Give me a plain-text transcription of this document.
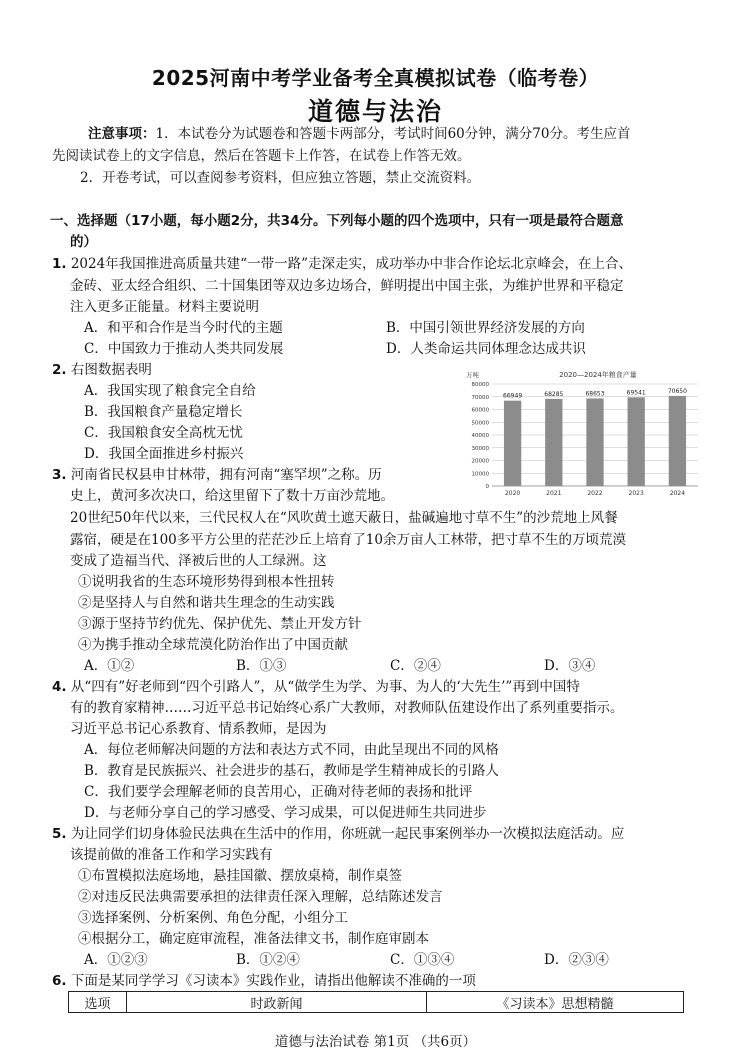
2025河南中考学业备考全真模拟试卷（临考卷）
道德与法治
注意事项：1．本试卷分为试题卷和答题卡两部分，考试时间60分钟，满分70分。考生应首
先阅读试卷上的文字信息，然后在答题卡上作答，在试卷上作答无效。
2．开卷考试，可以查阅参考资料，但应独立答题，禁止交流资料。
一、选择题（17小题，每小题2分，共34分。下列每小题的四个选项中，只有一项是最符合题意
的）
1. 2024年我国推进高质量共建“一带一路”走深走实，成功举办中非合作论坛北京峰会，在上合、
金砖、亚太经合组织、二十国集团等双边多边场合，鲜明提出中国主张，为维护世界和平稳定
注入更多正能量。材料主要说明
A．和平和合作是当今时代的主题	B．中国引领世界经济发展的方向
C．中国致力于推动人类共同发展	D．人类命运共同体理念达成共识
2. 右图数据表明
A．我国实现了粮食完全自给
B．我国粮食产量稳定增长
C．我国粮食安全高枕无忧
D．我国全面推进乡村振兴
万吨	2020—2024年粮食产量
80000
70000
60000
50000
40000
30000
20000
10000
0
66949
2020
68285
2021
68653
2022
69541
2023
70650
2024
3. 河南省民权县申甘林带，拥有河南“塞罕坝”之称。历
史上，黄河多次决口，给这里留下了数十万亩沙荒地。
20世纪50年代以来，三代民权人在“风吹黄土遮天蔽日，盐碱遍地寸草不生”的沙荒地上风餐
露宿，硬是在100多平方公里的茫茫沙丘上培育了10余万亩人工林带，把寸草不生的万顷荒漠
变成了造福当代、泽被后世的人工绿洲。这
①说明我省的生态环境形势得到根本性扭转
②是坚持人与自然和谐共生理念的生动实践
③源于坚持节约优先、保护优先、禁止开发方针
④为携手推动全球荒漠化防治作出了中国贡献
A．①②	B．①③	C．②④	D．③④
4. 从“四有”好老师到“四个引路人”，从“做学生为学、为事、为人的‘大先生’”再到中国特
有的教育家精神……习近平总书记始终心系广大教师，对教师队伍建设作出了系列重要指示。
习近平总书记心系教育、情系教师，是因为
A．每位老师解决问题的方法和表达方式不同，由此呈现出不同的风格
B．教育是民族振兴、社会进步的基石，教师是学生精神成长的引路人
C．我们要学会理解老师的良苦用心，正确对待老师的表扬和批评
D．与老师分享自己的学习感受、学习成果，可以促进师生共同进步
5. 为让同学们切身体验民法典在生活中的作用，你班就一起民事案例举办一次模拟法庭活动。应
该提前做的准备工作和学习实践有
①布置模拟法庭场地，悬挂国徽、摆放桌椅，制作桌签
②对违反民法典需要承担的法律责任深入理解，总结陈述发言
③选择案例、分析案例、角色分配，小组分工
④根据分工，确定庭审流程，准备法律文书，制作庭审剧本
A．①②③	B．①②④	C．①③④	D．②③④
6. 下面是某同学学习《习读本》实践作业，请指出他解读不准确的一项
选项	时政新闻	《习读本》思想精髓
道德与法治试卷 第1页 （共6页）
